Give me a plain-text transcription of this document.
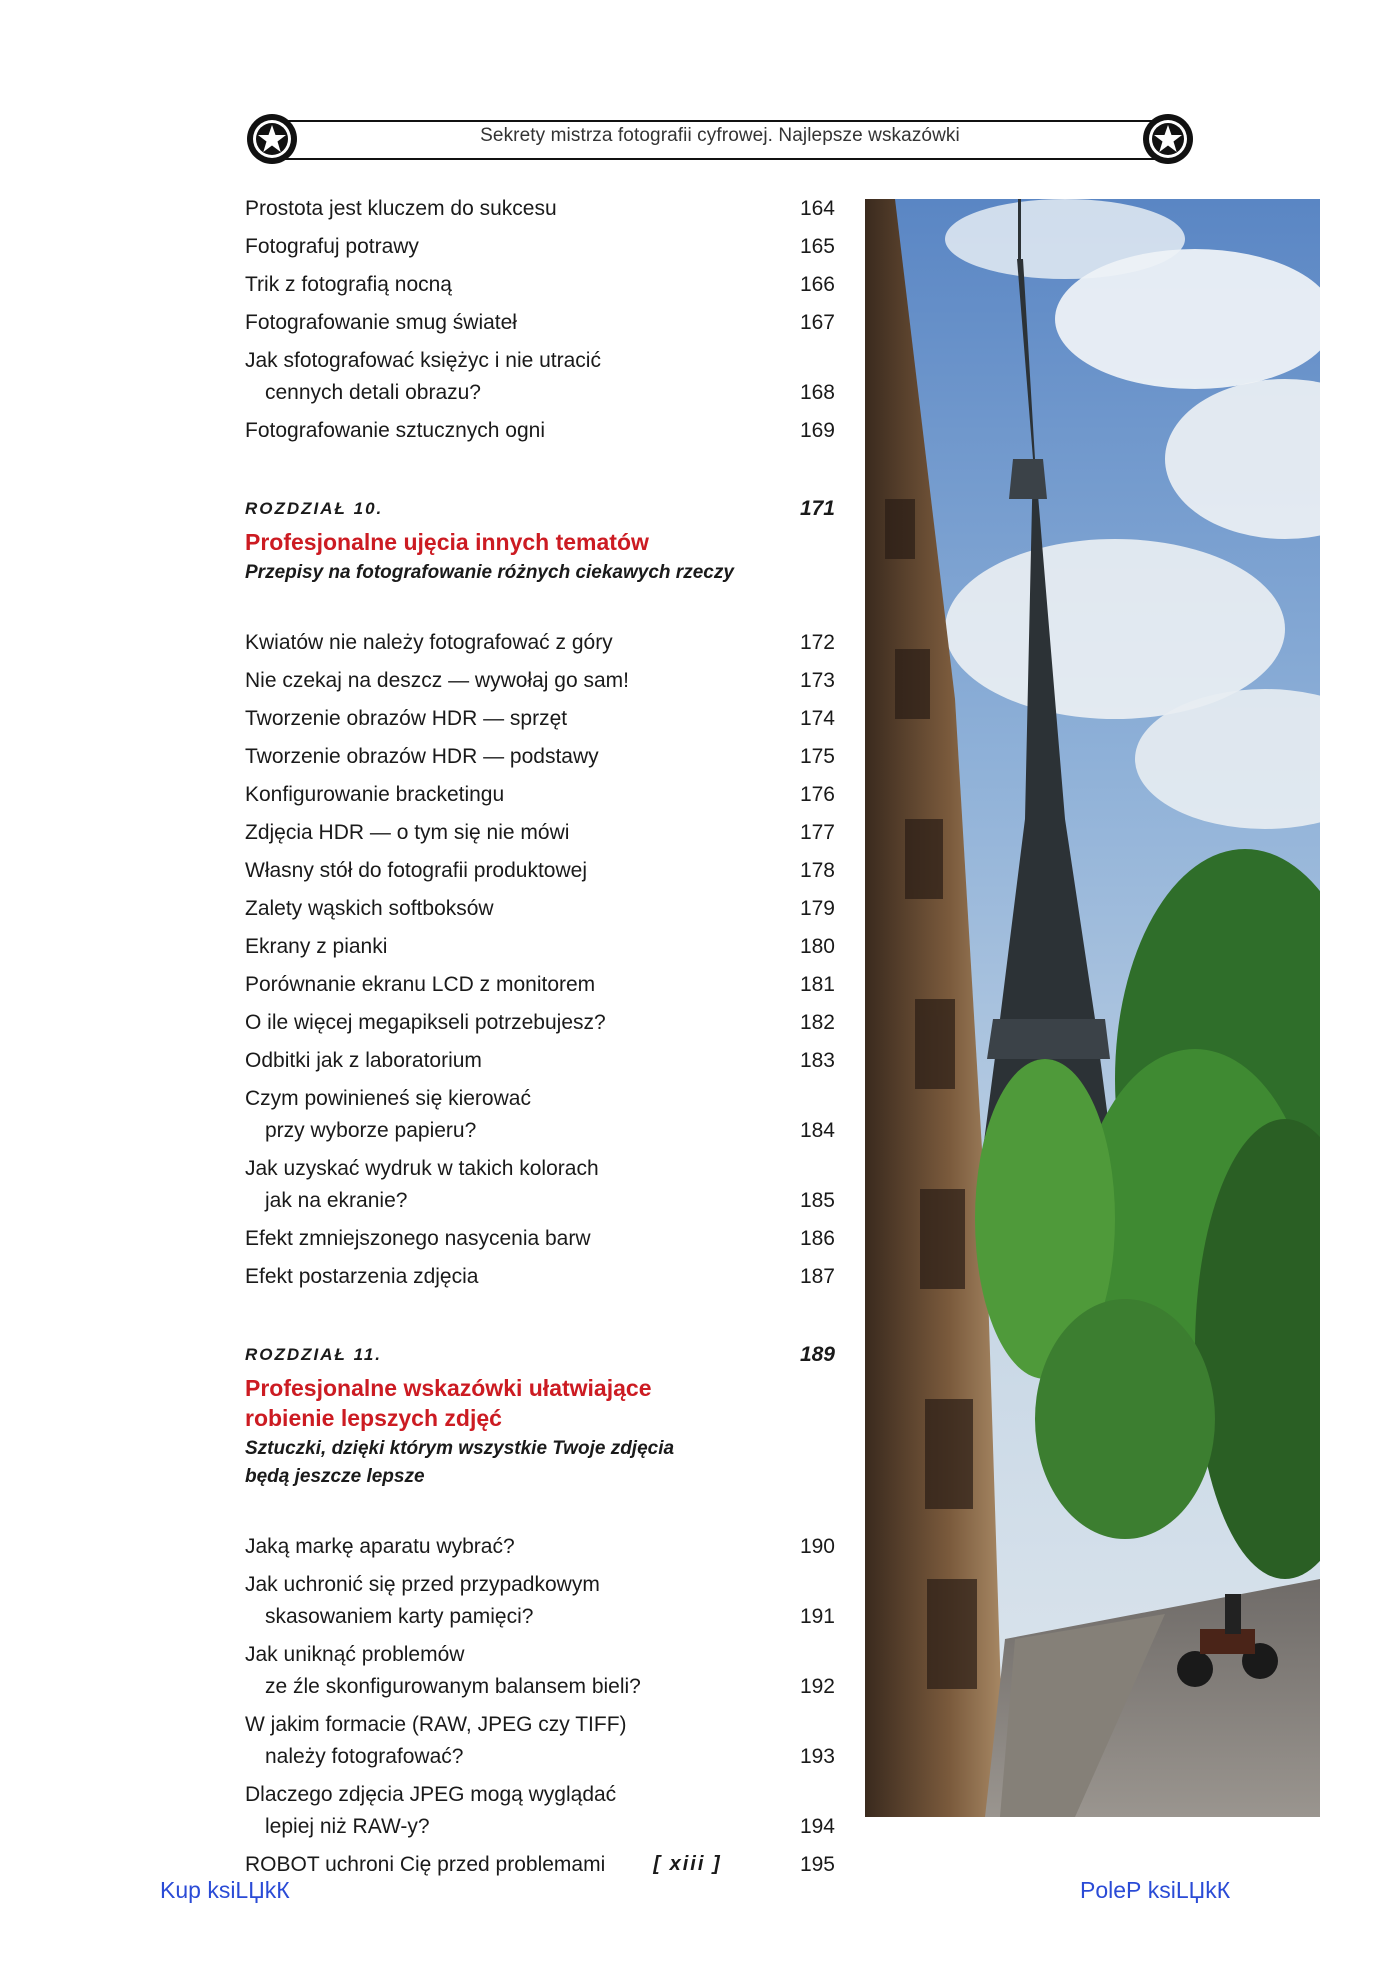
Sekrety mistrza fotografii cyfrowej. Najlepsze wskazówki
Prostota jest kluczem do sukcesu	164
Fotografuj potrawy	165
Trik z fotografią nocną	166
Fotografowanie smug świateł	167
Jak sfotografować księżyc i nie utracić
cennych detali obrazu?	168
Fotografowanie sztucznych ogni	169
ROZDZIAŁ 10.	171
Profesjonalne ujęcia innych tematów
Przepisy na fotografowanie różnych ciekawych rzeczy
Kwiatów nie należy fotografować z góry	172
Nie czekaj na deszcz — wywołaj go sam!	173
Tworzenie obrazów HDR — sprzęt	174
Tworzenie obrazów HDR — podstawy	175
Konfigurowanie bracketingu	176
Zdjęcia HDR — o tym się nie mówi	177
Własny stół do fotografii produktowej	178
Zalety wąskich softboksów	179
Ekrany z pianki	180
Porównanie ekranu LCD z monitorem	181
O ile więcej megapikseli potrzebujesz?	182
Odbitki jak z laboratorium	183
Czym powinieneś się kierować
przy wyborze papieru?	184
Jak uzyskać wydruk w takich kolorach
jak na ekranie?	185
Efekt zmniejszonego nasycenia barw	186
Efekt postarzenia zdjęcia	187
ROZDZIAŁ 11.	189
Profesjonalne wskazówki ułatwiające
robienie lepszych zdjęć
Sztuczki, dzięki którym wszystkie Twoje zdjęcia
będą jeszcze lepsze
Jaką markę aparatu wybrać?	190
Jak uchronić się przed przypadkowym
skasowaniem karty pamięci?	191
Jak uniknąć problemów
ze źle skonfigurowanym balansem bieli?	192
W jakim formacie (RAW, JPEG czy TIFF)
należy fotografować?	193
Dlaczego zdjęcia JPEG mogą wyglądać
lepiej niż RAW-y?	194
ROBOT uchroni Cię przed problemami	195
[ xiii ]
Kup ksiLЏkК	PoleР ksiLЏkК
